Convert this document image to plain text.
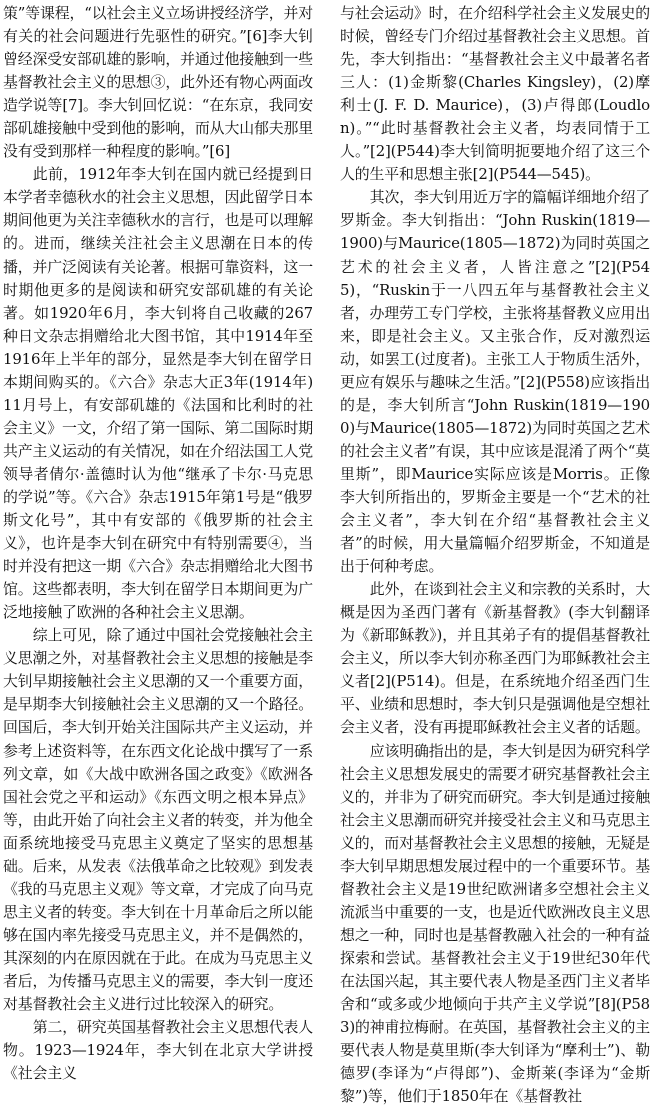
策”等课程，“以社会主义立场讲授经济学，并对有关的社会问题进行先驱性的研究。”[6]李大钊曾经深受安部矶雄的影响，并通过他接触到一些基督教社会主义的思想③，此外还有物心两面改造学说等[7]。李大钊回忆说：“在东京，我同安部矶雄接触中受到他的影响，而从大山郁夫那里没有受到那样一种程度的影响。”[6]

此前，1912年李大钊在国内就已经提到日本学者幸德秋水的社会主义思想，因此留学日本期间他更为关注幸德秋水的言行，也是可以理解的。进而，继续关注社会主义思潮在日本的传播，并广泛阅读有关论著。根据可靠资料，这一时期他更多的是阅读和研究安部矶雄的有关论著。如1920年6月，李大钊将自己收藏的267种日文杂志捐赠给北大图书馆，其中1914年至1916年上半年的部分，显然是李大钊在留学日本期间购买的。《六合》杂志大正3年(1914年)11月号上，有安部矶雄的《法国和比利时的社会主义》一文，介绍了第一国际、第二国际时期共产主义运动的有关情况，如在介绍法国工人党领导者倩尔·盖德时认为他“继承了卡尔·马克思的学说”等。《六合》杂志1915年第1号是“俄罗斯文化号”，其中有安部的《俄罗斯的社会主义》，也许是李大钊在研究中有特别需要④，当时并没有把这一期《六合》杂志捐赠给北大图书馆。这些都表明，李大钊在留学日本期间更为广泛地接触了欧洲的各种社会主义思潮。

综上可见，除了通过中国社会党接触社会主义思潮之外，对基督教社会主义思想的接触是李大钊早期接触社会主义思潮的又一个重要方面，是早期李大钊接触社会主义思潮的又一个路径。回国后，李大钊开始关注国际共产主义运动，并参考上述资料等，在东西文化论战中撰写了一系列文章，如《大战中欧洲各国之政变》《欧洲各国社会党之平和运动》《东西文明之根本异点》等，由此开始了向社会主义者的转变，并为他全面系统地接受马克思主义奠定了坚实的思想基础。后来，从发表《法俄革命之比较观》到发表《我的马克思主义观》等文章，才完成了向马克思主义者的转变。李大钊在十月革命后之所以能够在国内率先接受马克思主义，并不是偶然的，其深刻的内在原因就在于此。在成为马克思主义者后，为传播马克思主义的需要，李大钊一度还对基督教社会主义进行过比较深入的研究。

第二，研究英国基督教社会主义思想代表人物。1923—1924年，李大钊在北京大学讲授《社会主义

与社会运动》时，在介绍科学社会主义发展史的时候，曾经专门介绍过基督教社会主义思想。首先，李大钊指出：“基督教社会主义中最著名者三人：(1)金斯黎(Charles Kingsley)，(2)摩利士(J. F. D. Maurice)，(3)卢得郎(Loudlon)。”“此时基督教社会主义者，均表同情于工人。”[2](P544)李大钊简明扼要地介绍了这三个人的生平和思想主张[2](P544—545)。

其次，李大钊用近万字的篇幅详细地介绍了罗斯金。李大钊指出：“John Ruskin(1819—1900)与Maurice(1805—1872)为同时英国之艺术的社会主义者，人皆注意之”[2](P545)，“Ruskin于一八四五年与基督教社会主义者，办理劳工专门学校，主张将基督教义应用出来，即是社会主义。又主张合作，反对激烈运动，如罢工(过度者)。主张工人于物质生活外，更应有娱乐与趣味之生活。”[2](P558)应该指出的是，李大钊所言“John Ruskin(1819—1900)与Maurice(1805—1872)为同时英国之艺术的社会主义者”有误，其中应该是混淆了两个“莫里斯”，即Maurice实际应该是Morris。正像李大钊所指出的，罗斯金主要是一个“艺术的社会主义者”，李大钊在介绍“基督教社会主义者”的时候，用大量篇幅介绍罗斯金，不知道是出于何种考虑。

此外，在谈到社会主义和宗教的关系时，大概是因为圣西门著有《新基督教》(李大钊翻译为《新耶稣教》)，并且其弟子有的提倡基督教社会主义，所以李大钊亦称圣西门为耶稣教社会主义者[2](P514)。但是，在系统地介绍圣西门生平、业绩和思想时，李大钊只是强调他是空想社会主义者，没有再提耶稣教社会主义者的话题。

应该明确指出的是，李大钊是因为研究科学社会主义思想发展史的需要才研究基督教社会主义的，并非为了研究而研究。李大钊是通过接触社会主义思潮而研究并接受社会主义和马克思主义的，而对基督教社会主义思想的接触，无疑是李大钊早期思想发展过程中的一个重要环节。基督教社会主义是19世纪欧洲诸多空想社会主义流派当中重要的一支，也是近代欧洲改良主义思想之一种，同时也是基督教融入社会的一种有益探索和尝试。基督教社会主义于19世纪30年代在法国兴起，其主要代表人物是圣西门主义者毕舍和“或多或少地倾向于共产主义学说”[8](P583)的神甫拉梅耐。在英国，基督教社会主义的主要代表人物是莫里斯(李大钊译为“摩利士”)、勒德罗(李译为“卢得郎”)、金斯莱(李译为“金斯黎”)等，他们于1850年在《基督教社
